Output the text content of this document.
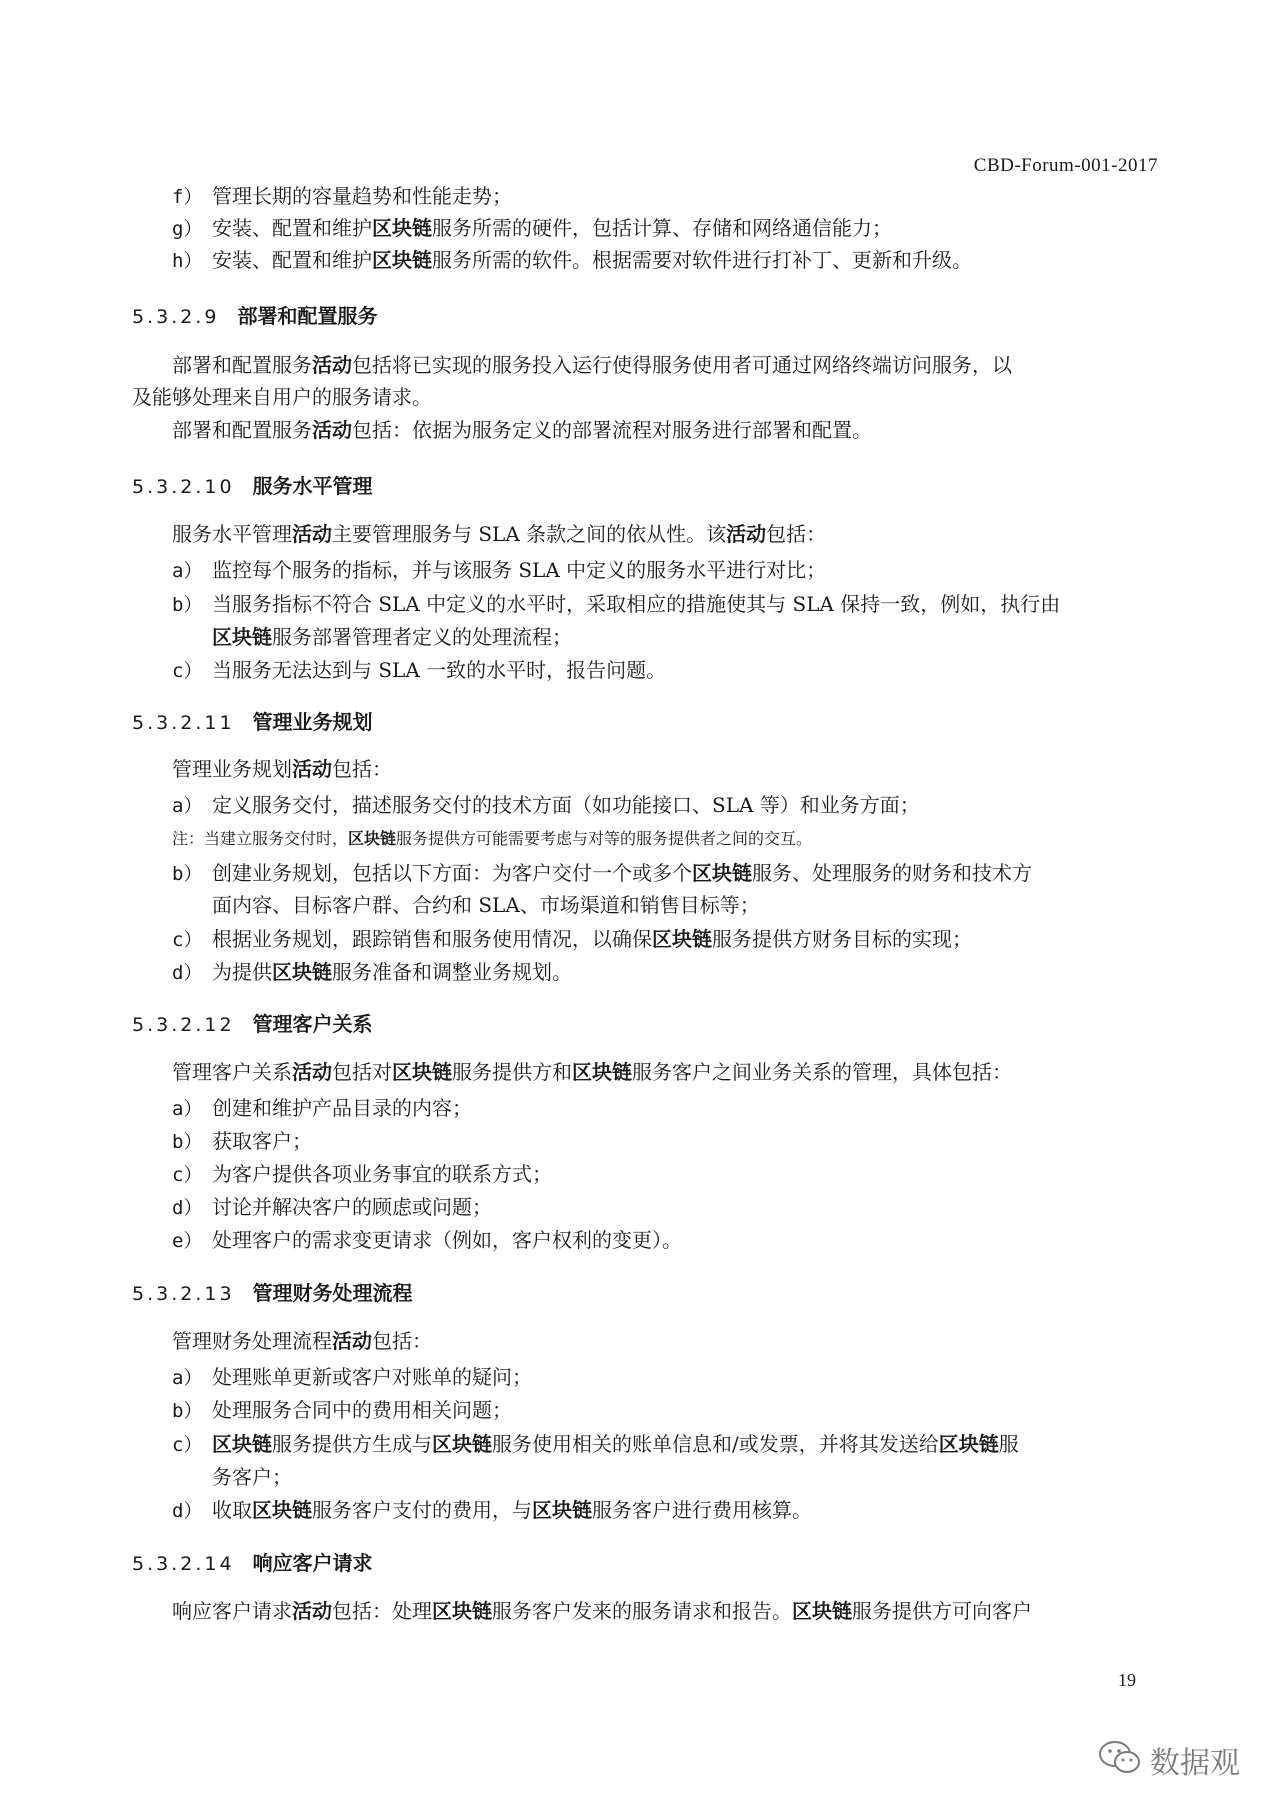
CBD-Forum-001-2017
f） 管理长期的容量趋势和性能走势；
g） 安装、配置和维护区块链服务所需的硬件，包括计算、存储和网络通信能力；
h） 安装、配置和维护区块链服务所需的软件。根据需要对软件进行打补丁、更新和升级。
5.3.2.9 部署和配置服务
部署和配置服务活动包括将已实现的服务投入运行使得服务使用者可通过网络终端访问服务，以
及能够处理来自用户的服务请求。
部署和配置服务活动包括：依据为服务定义的部署流程对服务进行部署和配置。
5.3.2.10 服务水平管理
服务水平管理活动主要管理服务与 SLA 条款之间的依从性。该活动包括：
a） 监控每个服务的指标，并与该服务 SLA 中定义的服务水平进行对比；
b） 当服务指标不符合 SLA 中定义的水平时，采取相应的措施使其与 SLA 保持一致，例如，执行由
区块链服务部署管理者定义的处理流程；
c） 当服务无法达到与 SLA 一致的水平时，报告问题。
5.3.2.11 管理业务规划
管理业务规划活动包括：
a） 定义服务交付，描述服务交付的技术方面（如功能接口、SLA 等）和业务方面；
注：当建立服务交付时，区块链服务提供方可能需要考虑与对等的服务提供者之间的交互。
b） 创建业务规划，包括以下方面：为客户交付一个或多个区块链服务、处理服务的财务和技术方
面内容、目标客户群、合约和 SLA、市场渠道和销售目标等；
c） 根据业务规划，跟踪销售和服务使用情况，以确保区块链服务提供方财务目标的实现；
d） 为提供区块链服务准备和调整业务规划。
5.3.2.12 管理客户关系
管理客户关系活动包括对区块链服务提供方和区块链服务客户之间业务关系的管理，具体包括：
a） 创建和维护产品目录的内容；
b） 获取客户；
c） 为客户提供各项业务事宜的联系方式；
d） 讨论并解决客户的顾虑或问题；
e） 处理客户的需求变更请求（例如，客户权利的变更）。
5.3.2.13 管理财务处理流程
管理财务处理流程活动包括：
a） 处理账单更新或客户对账单的疑问；
b） 处理服务合同中的费用相关问题；
c） 区块链服务提供方生成与区块链服务使用相关的账单信息和/或发票，并将其发送给区块链服
务客户；
d） 收取区块链服务客户支付的费用，与区块链服务客户进行费用核算。
5.3.2.14 响应客户请求
响应客户请求活动包括：处理区块链服务客户发来的服务请求和报告。区块链服务提供方可向客户
19
数据观
